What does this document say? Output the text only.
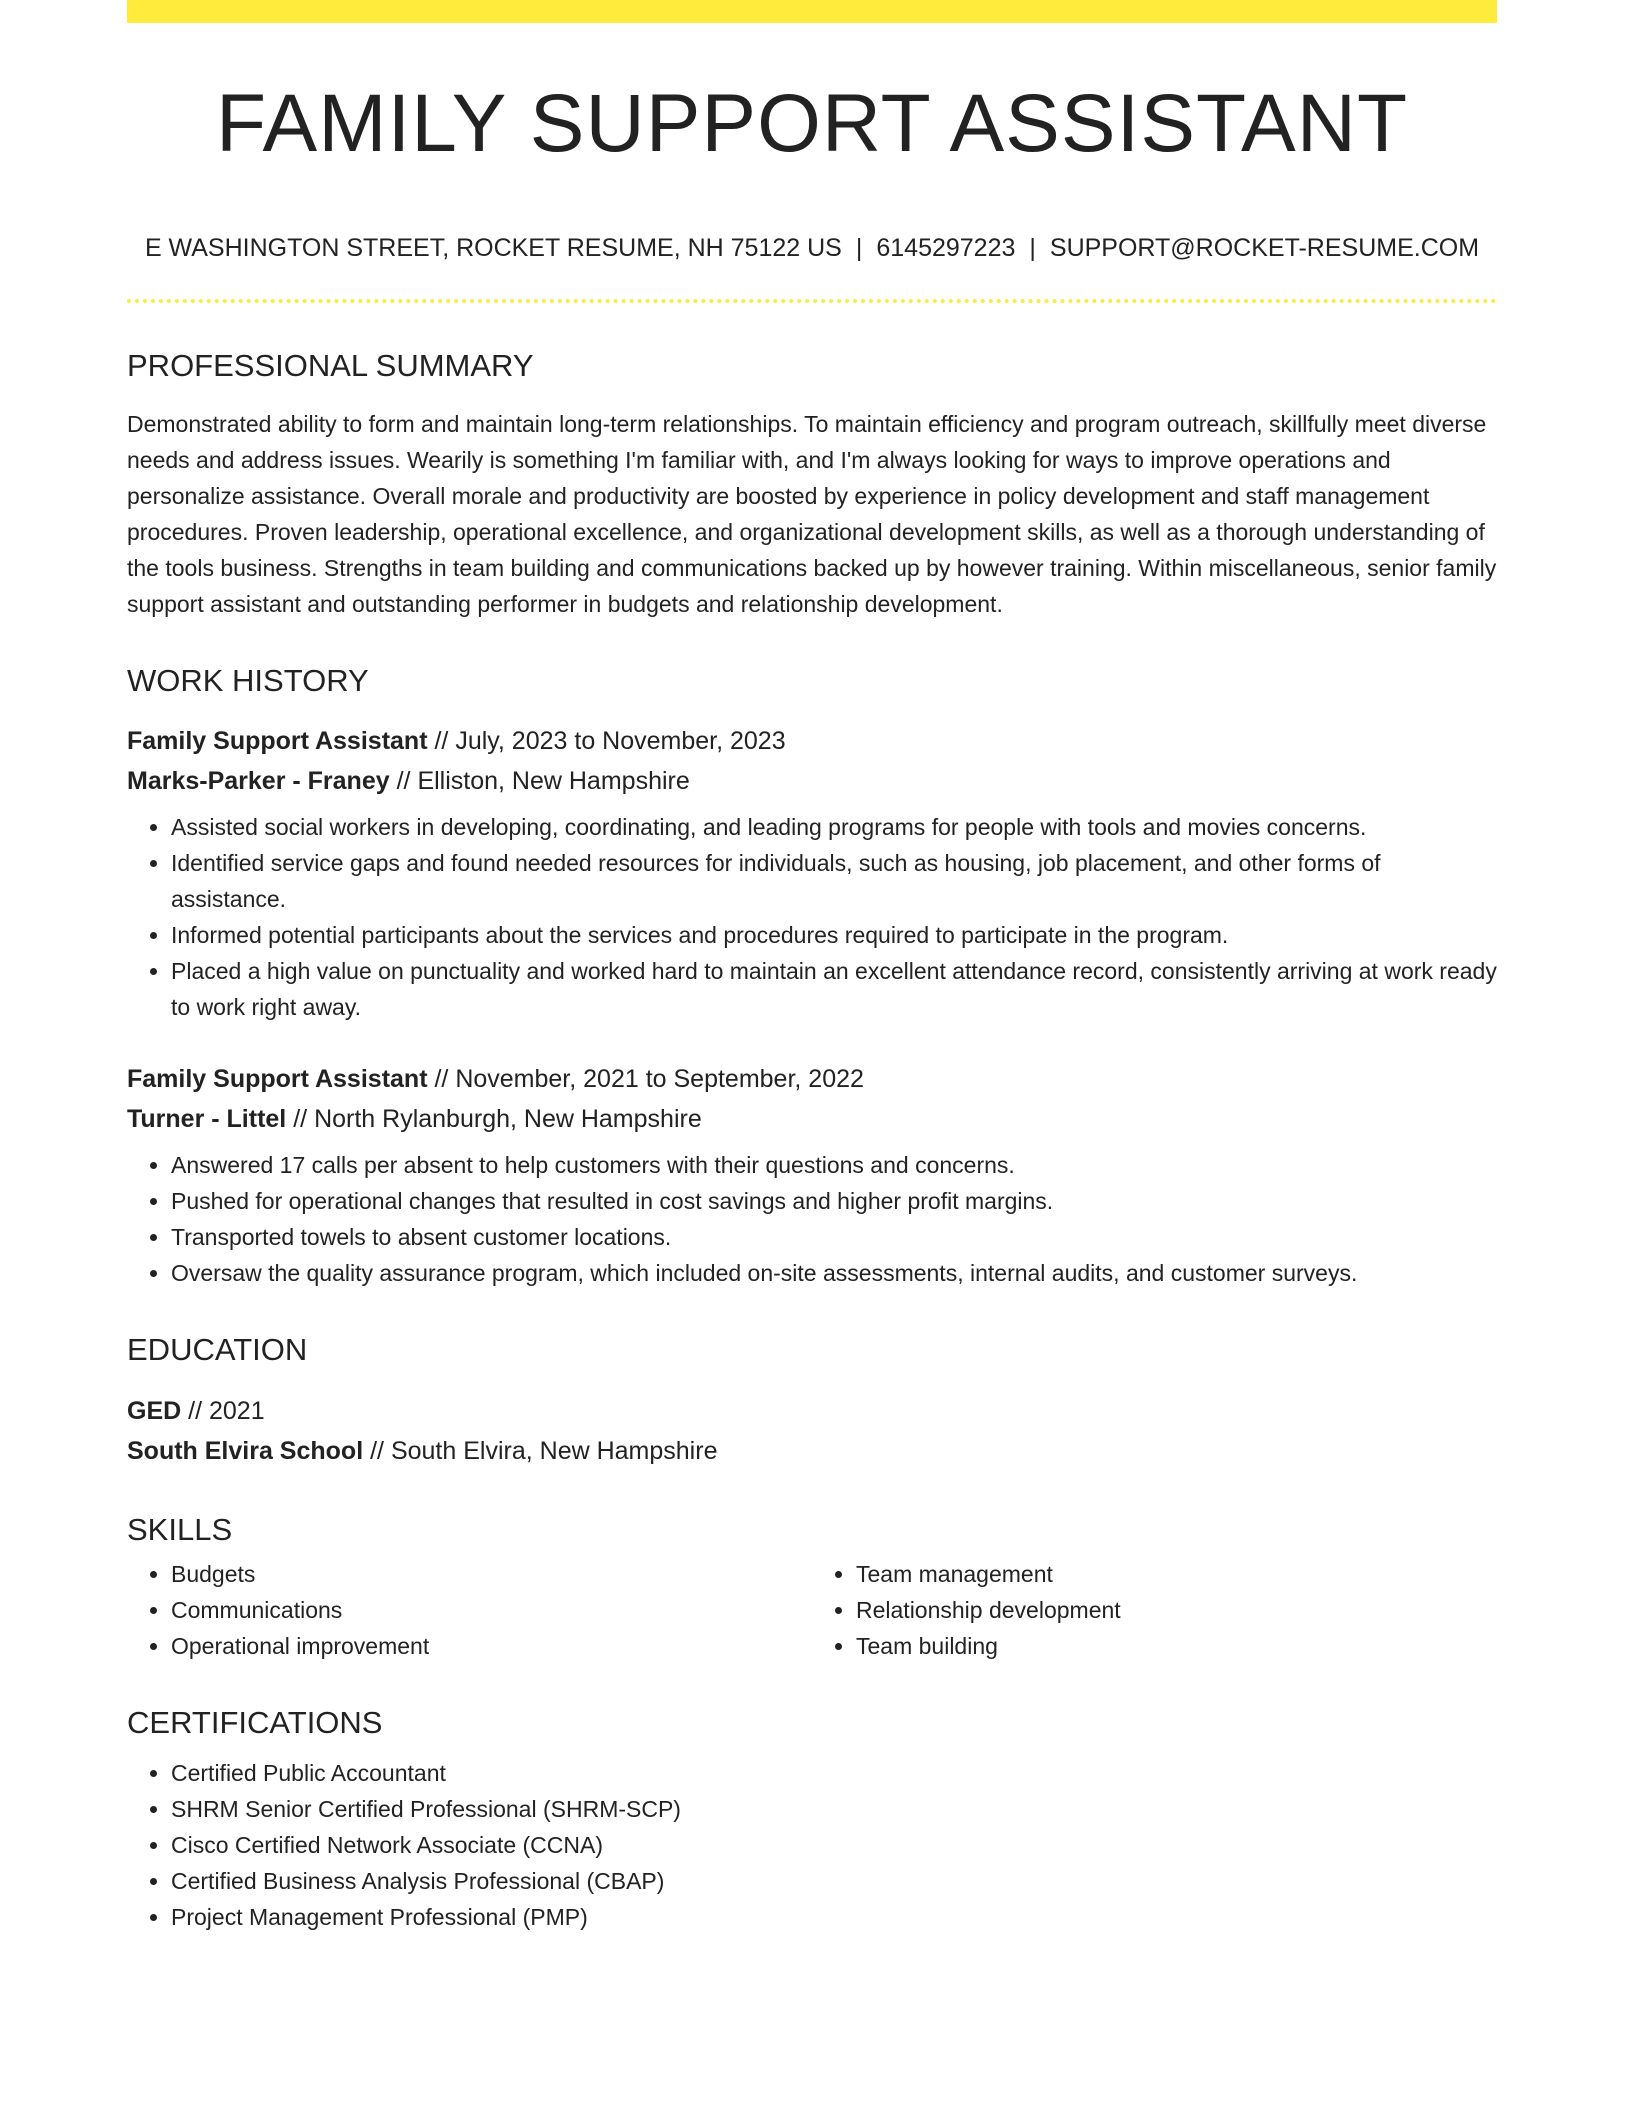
FAMILY SUPPORT ASSISTANT
E WASHINGTON STREET, ROCKET RESUME, NH 75122 US | 6145297223 | SUPPORT@ROCKET-RESUME.COM
PROFESSIONAL SUMMARY
Demonstrated ability to form and maintain long-term relationships. To maintain efficiency and program outreach, skillfully meet diverse needs and address issues. Wearily is something I'm familiar with, and I'm always looking for ways to improve operations and personalize assistance. Overall morale and productivity are boosted by experience in policy development and staff management procedures. Proven leadership, operational excellence, and organizational development skills, as well as a thorough understanding of the tools business. Strengths in team building and communications backed up by however training. Within miscellaneous, senior family support assistant and outstanding performer in budgets and relationship development.
WORK HISTORY
Family Support Assistant // July, 2023 to November, 2023
Marks-Parker - Franey // Elliston, New Hampshire
• Assisted social workers in developing, coordinating, and leading programs for people with tools and movies concerns.
• Identified service gaps and found needed resources for individuals, such as housing, job placement, and other forms of assistance.
• Informed potential participants about the services and procedures required to participate in the program.
• Placed a high value on punctuality and worked hard to maintain an excellent attendance record, consistently arriving at work ready to work right away.
Family Support Assistant // November, 2021 to September, 2022
Turner - Littel // North Rylanburgh, New Hampshire
• Answered 17 calls per absent to help customers with their questions and concerns.
• Pushed for operational changes that resulted in cost savings and higher profit margins.
• Transported towels to absent customer locations.
• Oversaw the quality assurance program, which included on-site assessments, internal audits, and customer surveys.
EDUCATION
GED // 2021
South Elvira School // South Elvira, New Hampshire
SKILLS
• Budgets
• Communications
• Operational improvement
• Team management
• Relationship development
• Team building
CERTIFICATIONS
• Certified Public Accountant
• SHRM Senior Certified Professional (SHRM-SCP)
• Cisco Certified Network Associate (CCNA)
• Certified Business Analysis Professional (CBAP)
• Project Management Professional (PMP)
